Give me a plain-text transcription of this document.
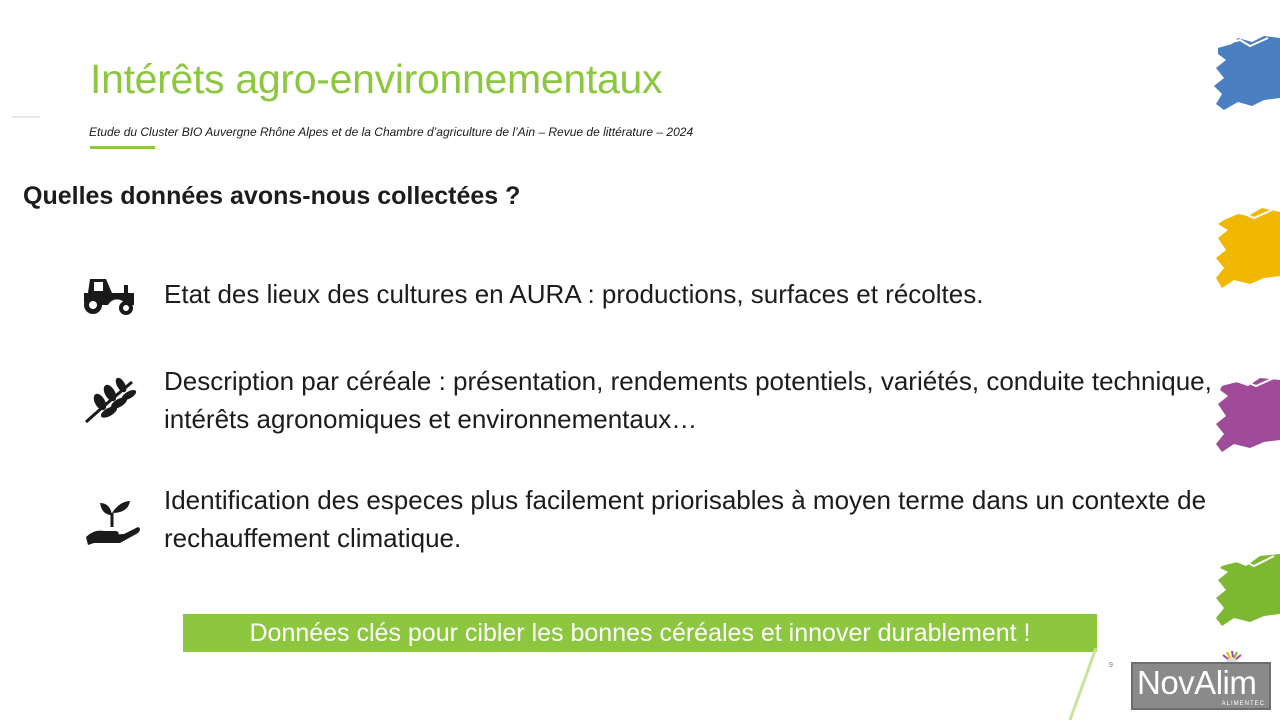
Intérêts agro-environnementaux
Etude du Cluster BIO Auvergne Rhône Alpes et de la Chambre d’agriculture de l’Ain – Revue de littérature – 2024
Quelles données avons-nous collectées ?
Etat des lieux des cultures en AURA : productions, surfaces et récoltes.
Description par céréale : présentation, rendements potentiels, variétés, conduite technique, intérêts agronomiques et environnementaux…
Identification des especes plus facilement priorisables à moyen terme dans un contexte de rechauffement climatique.
Données clés pour cibler les bonnes céréales et innover durablement !
9 NovAlim
ALIMENTEC
